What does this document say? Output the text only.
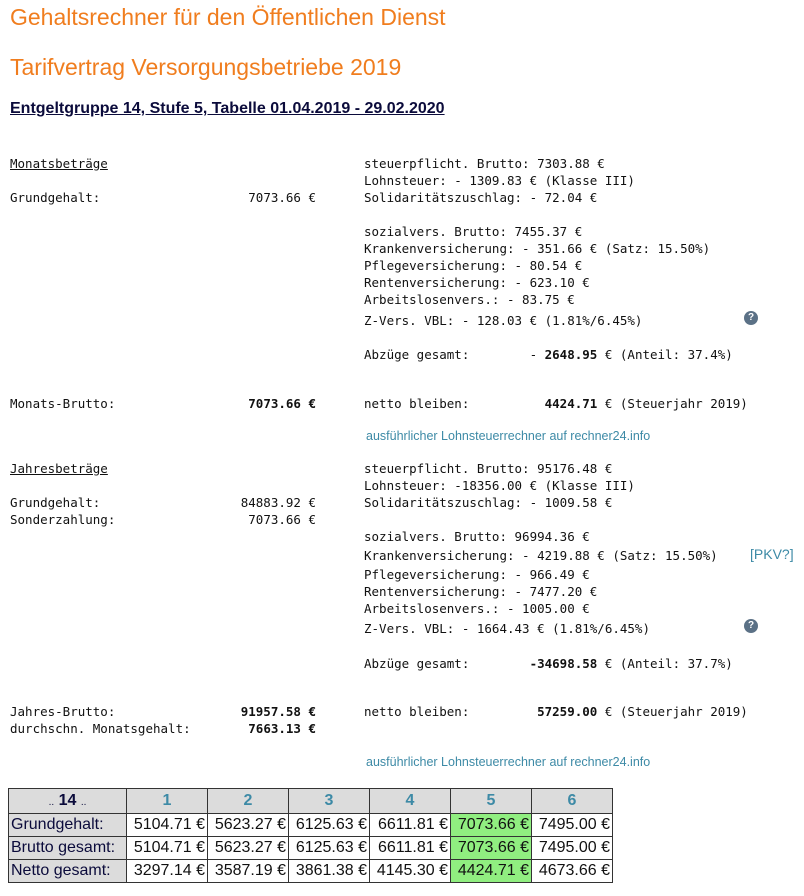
Gehaltsrechner für den Öffentlichen Dienst
Tarifvertrag Versorgungsbetriebe 2019
Entgeltgruppe 14, Stufe 5, Tabelle 01.04.2019 - 29.02.2020
Monatsbeträge
Grundgehalt:	7073.66 €
steuerpflicht. Brutto: 7303.88 €
Lohnsteuer: - 1309.83 € (Klasse III)
Solidaritätszuschlag: - 72.04 €
sozialvers. Brutto: 7455.37 €
Krankenversicherung: - 351.66 € (Satz: 15.50%)
Pflegeversicherung: - 80.54 €
Rentenversicherung: - 623.10 €
Arbeitslosenvers.: - 83.75 €
Z-Vers. VBL: - 128.03 € (1.81%/6.45%)	?
Abzüge gesamt:        - 2648.95 € (Anteil: 37.4%)
Monats-Brutto:	7073.66 €	netto bleiben:          4424.71 € (Steuerjahr 2019)
ausführlicher Lohnsteuerrechner auf rechner24.info
Jahresbeträge
Grundgehalt:	84883.92 €
Sonderzahlung:	7073.66 €
steuerpflicht. Brutto: 95176.48 €
Lohnsteuer: -18356.00 € (Klasse III)
Solidaritätszuschlag: - 1009.58 €
sozialvers. Brutto: 96994.36 €
Krankenversicherung: - 4219.88 € (Satz: 15.50%) [PKV?]
Pflegeversicherung: - 966.49 €
Rentenversicherung: - 7477.20 €
Arbeitslosenvers.: - 1005.00 €
Z-Vers. VBL: - 1664.43 € (1.81%/6.45%)	?
Abzüge gesamt:        -34698.58 € (Anteil: 37.7%)
Jahres-Brutto:	91957.58 €
durchschn. Monatsgehalt:	7663.13 €
netto bleiben:         57259.00 € (Steuerjahr 2019)
ausführlicher Lohnsteuerrechner auf rechner24.info
.. 14 ..	1	2	3	4	5	6
Grundgehalt:	5104.71 €	5623.27 €	6125.63 €	6611.81 €	7073.66 €	7495.00 €
Brutto gesamt:	5104.71 €	5623.27 €	6125.63 €	6611.81 €	7073.66 €	7495.00 €
Netto gesamt:	3297.14 €	3587.19 €	3861.38 €	4145.30 €	4424.71 €	4673.66 €
